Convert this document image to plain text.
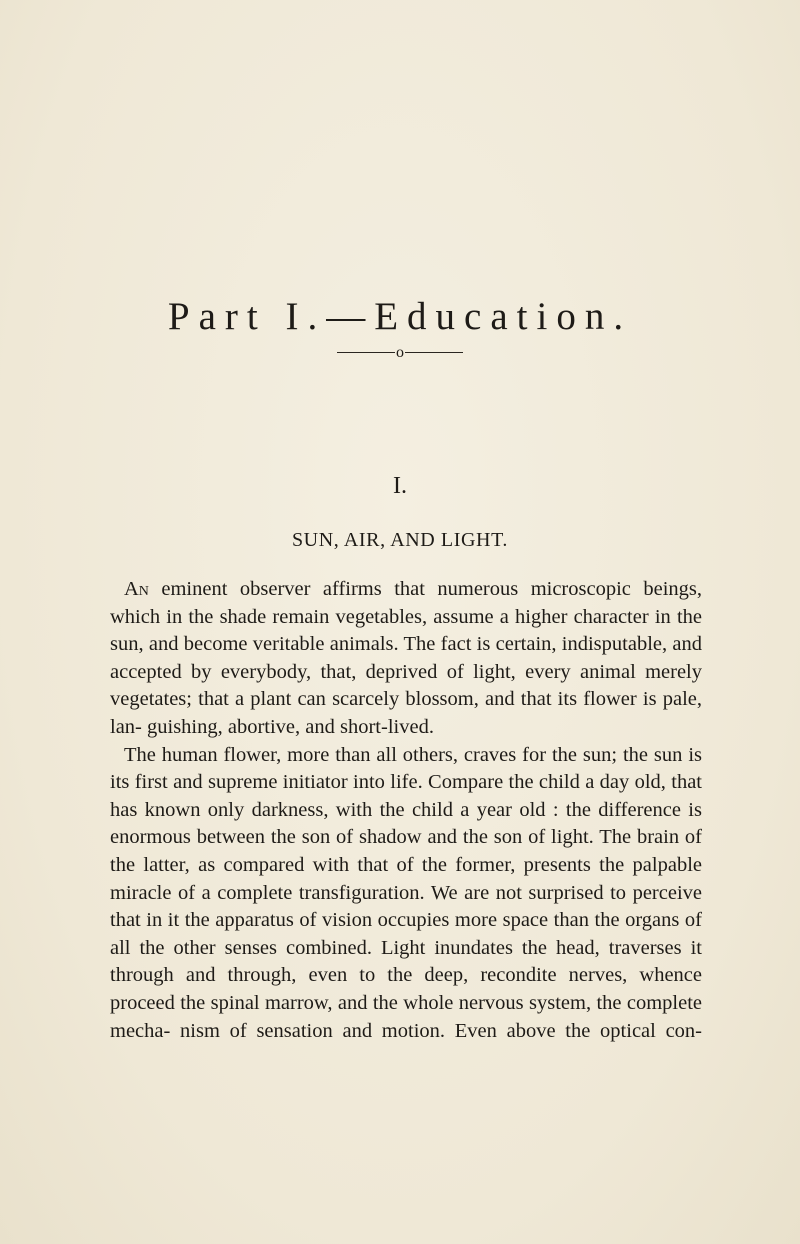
Part I.—Education.
o
I.
SUN, AIR, AND LIGHT.

An eminent observer affirms that numerous microscopic beings, which in the shade remain vegetables, assume a higher character in the sun, and become veritable animals. The fact is certain, indisputable, and accepted by everybody, that, deprived of light, every animal merely vegetates; that a plant can scarcely blossom, and that its flower is pale, lan- guishing, abortive, and short-lived.

The human flower, more than all others, craves for the sun; the sun is its first and supreme initiator into life. Compare the child a day old, that has known only darkness, with the child a year old : the difference is enormous between the son of shadow and the son of light. The brain of the latter, as compared with that of the former, presents the palpable miracle of a complete transfiguration. We are not surprised to perceive that in it the apparatus of vision occupies more space than the organs of all the other senses combined. Light inundates the head, traverses it through and through, even to the deep, recondite nerves, whence proceed the spinal marrow, and the whole nervous system, the complete mecha- nism of sensation and motion. Even above the optical con-
